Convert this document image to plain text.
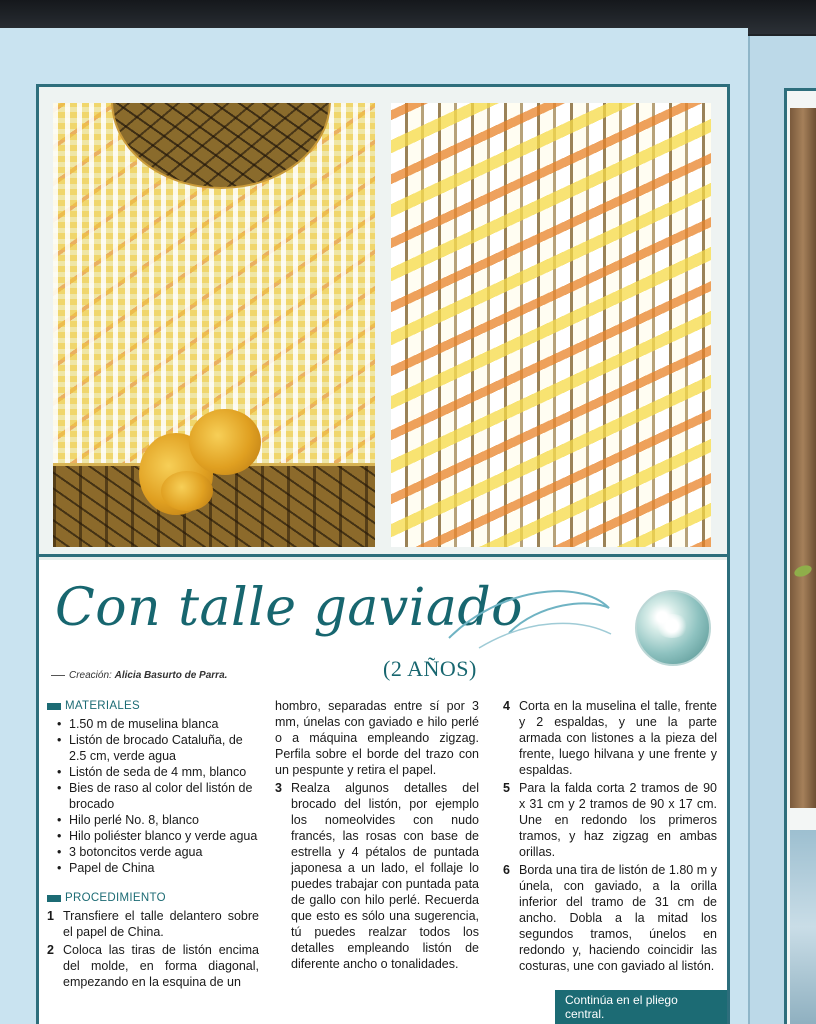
Con talle gaviado
(2 AÑOS)
Creación: Alicia Basurto de Parra.
MATERIALES
• 1.50 m de muselina blanca
• Listón de brocado Cataluña, de 2.5 cm, verde agua
• Listón de seda de 4 mm, blanco
• Bies de raso al color del listón de brocado
• Hilo perlé No. 8, blanco
• Hilo poliéster blanco y verde agua
• 3 botoncitos verde agua
• Papel de China
PROCEDIMIENTO
1 Transfiere el talle delantero sobre el papel de China.
2 Coloca las tiras de listón encima del molde, en forma diagonal, empezando en la esquina de un
hombro, separadas entre sí por 3 mm, únelas con gaviado e hilo perlé o a máquina empleando zigzag. Perfila sobre el borde del trazo con un pespunte y retira el papel.
3 Realza algunos detalles del brocado del listón, por ejemplo los nomeolvides con nudo francés, las rosas con base de estrella y 4 pétalos de puntada japonesa a un lado, el follaje lo puedes trabajar con puntada pata de gallo con hilo perlé. Recuerda que esto es sólo una sugerencia, tú puedes realzar todos los detalles empleando listón de diferente ancho o tonalidades.
4 Corta en la muselina el talle, frente y 2 espaldas, y une la parte armada con listones a la pieza del frente, luego hilvana y une frente y espaldas.
5 Para la falda corta 2 tramos de 90 x 31 cm y 2 tramos de 90 x 17 cm. Une en redondo los primeros tramos, y haz zigzag en ambas orillas.
6 Borda una tira de listón de 1.80 m y únela, con gaviado, a la orilla inferior del tramo de 31 cm de ancho. Dobla a la mitad los segundos tramos, únelos en redondo y, haciendo coincidir las costuras, une con gaviado al listón.
Continúa en el pliego central.
